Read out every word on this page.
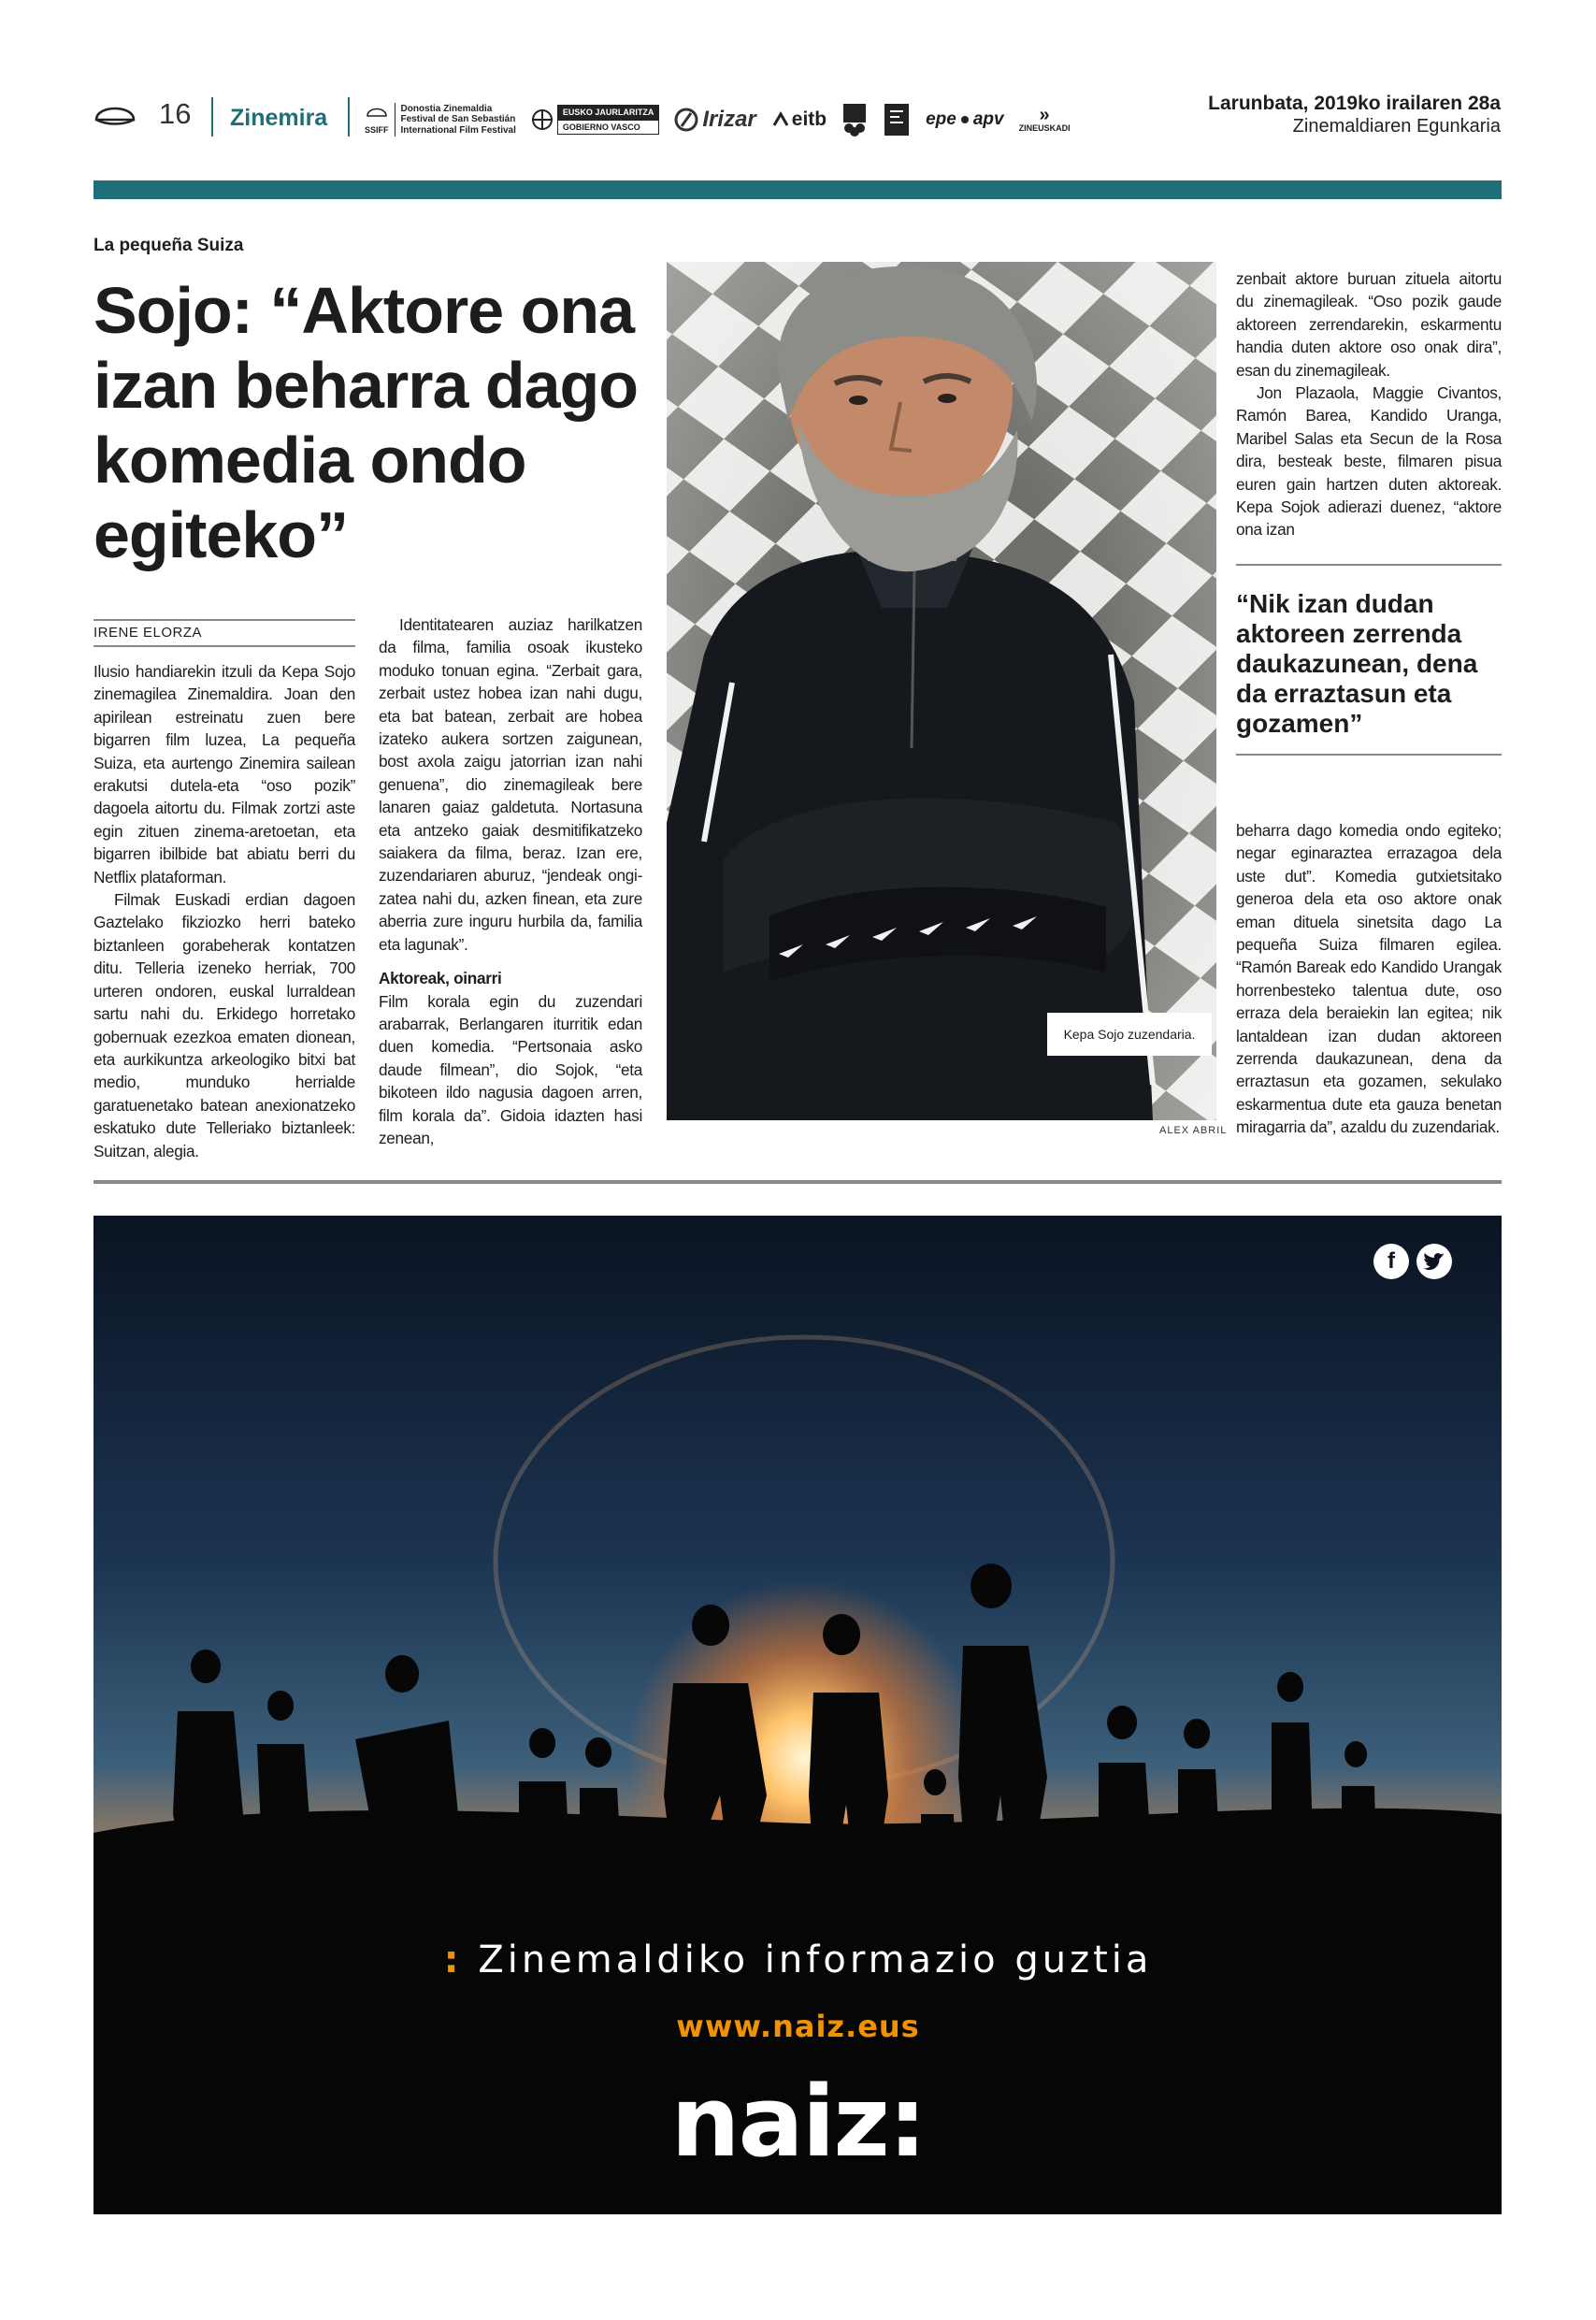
16 Zinemira	SSIFF
Donostia Zinemaldia
Festival de San Sebastián
International Film Festival
EUSKO JAURLARITZA
GOBIERNO VASCO	Irizar eitb	epe apv	»
ZINEUSKADI
Larunbata, 2019ko irailaren 28a
Zinemaldiaren Egunkaria
La pequeña Suiza
Sojo: “Aktore ona izan beharra dago komedia ondo egiteko”
IRENE ELORZA

Ilusio handiarekin itzuli da Kepa Sojo zinemagilea Zinemaldira. Joan den apirilean estreinatu zuen bere bigarren film luzea, La pequeña Suiza, eta aurtengo Zinemira sailean erakutsi dutela-eta “oso pozik” dagoela aitortu du. Filmak zortzi aste egin zituen zinema-aretoetan, eta bigarren ibilbide bat abiatu berri du Netflix plataforman.

Filmak Euskadi erdian dagoen Gaztelako fikziozko herri bateko biztanleen gorabeherak kontatzen ditu. Telleria izeneko herriak, 700 urteren ondoren, euskal lurraldean sartu nahi du. Erkidego horretako gobernuak ezezkoa ematen dionean, eta aurkikuntza arkeologiko bitxi bat medio, munduko herrialde garatuenetako batean anexionatzeko eskatuko dute Telleriako biztanleek: Suitzan, alegia.

Identitatearen auziaz harilkatzen da filma, familia osoak ikusteko moduko tonuan egina. “Zerbait gara, zerbait ustez hobea izan nahi dugu, eta bat batean, zerbait are hobea izateko aukera sortzen zaigunean, bost axola zaigu jatorrian izan nahi genuena”, dio zinemagileak bere lanaren gaiaz galdetuta. Nortasuna eta antzeko gaiak desmitifikatzeko saiakera da filma, beraz. Izan ere, zuzendariaren aburuz, “jendeak ongi-zatea nahi du, azken finean, eta zure aberria zure inguru hurbila da, familia eta lagunak”.

Aktoreak, oinarri

Film korala egin du zuzendari arabarrak, Berlangaren iturritik edan duen komedia. “Pertsonaia asko daude filmean”, dio Sojok, “eta bikoteen ildo nagusia dagoen arren, film korala da”. Gidoia idazten hasi zenean,

Kepa Sojo zuzendaria.
ALEX ABRIL

zenbait aktore buruan zituela aitortu du zinemagileak. “Oso pozik gaude aktoreen zerrendarekin, eskarmentu handia duten aktore oso onak dira”, esan du zinemagileak.

Jon Plazaola, Maggie Civantos, Ramón Barea, Kandido Uranga, Maribel Salas eta Secun de la Rosa dira, besteak beste, filmaren pisua euren gain hartzen duten aktoreak. Kepa Sojok adierazi duenez, “aktore ona izan

“Nik izan dudan aktoreen zerrenda daukazunean, dena da erraztasun eta gozamen”

beharra dago komedia ondo egiteko; negar eginaraztea errazagoa dela uste dut”. Komedia gutxietsitako generoa dela eta oso aktore onak eman dituela sinetsita dago La pequeña Suiza filmaren egilea. “Ramón Bareak edo Kandido Urangak horrenbesteko talentua dute, oso erraza dela beraiekin lan egitea; nik lantaldean izan dudan aktoreen zerrenda daukazunean, dena da erraztasun eta gozamen, sekulako eskarmentua dute eta gauza benetan miragarria da”, azaldu du zuzendariak.

f
: Zinemaldiko informazio guztia
www.naiz.eus
naiz:
